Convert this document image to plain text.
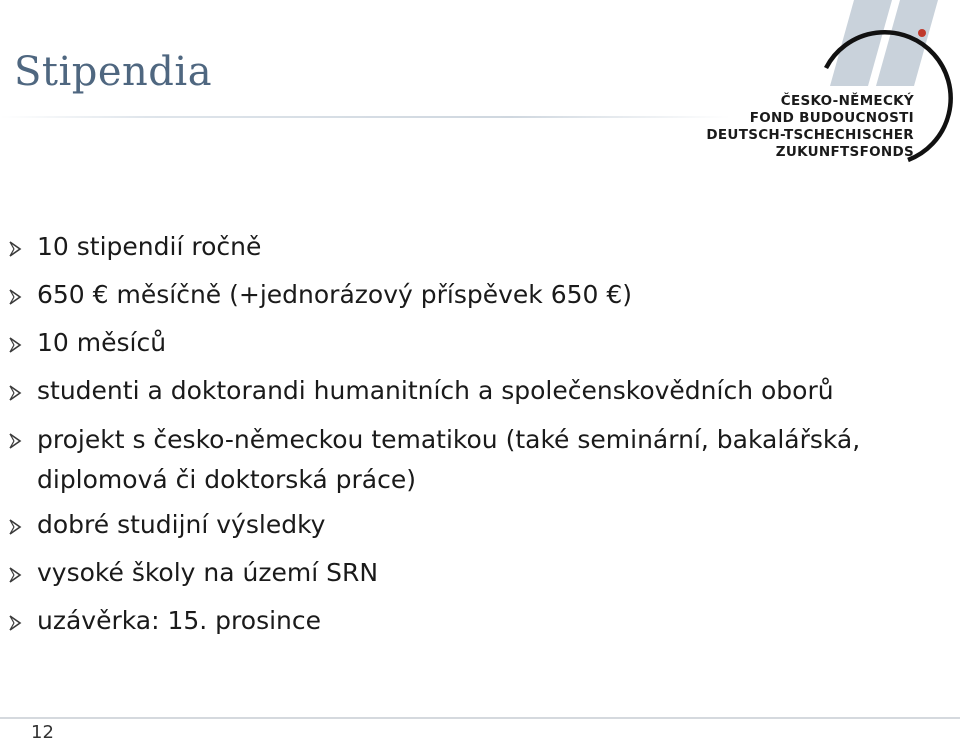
Stipendia
ČESKO-NĚMECKÝ
FOND BUDOUCNOSTI
DEUTSCH-TSCHECHISCHER
ZUKUNFTSFONDS
10 stipendií ročně
650 € měsíčně (+jednorázový příspěvek 650 €)
10 měsíců
studenti a doktorandi humanitních a společenskovědních oborů
projekt s česko-německou tematikou (také seminární, bakalářská, diplomová či doktorská práce)
dobré studijní výsledky
vysoké školy na území SRN
uzávěrka: 15. prosince
12
